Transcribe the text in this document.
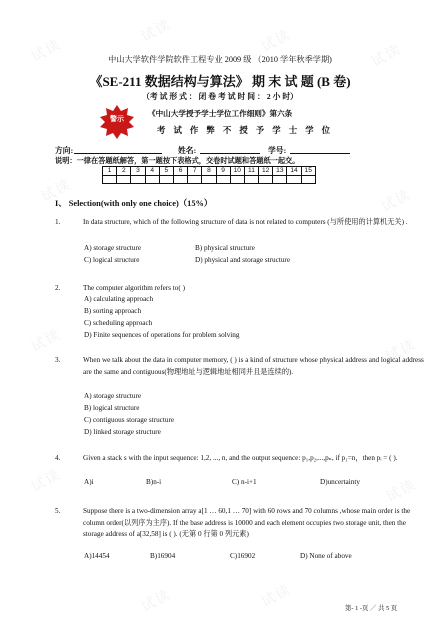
试读
试读	试读
试读
试读	试读
试读	试读
试读	试读
试读	试读
中山大学软件学院软件工程专业 2009 级 （2010 学年秋季学期)
《SE-211 数据结构与算法》 期 末 试 题 (B 卷)
（考 试 形 式 ： 闭 卷 考 试 时 间 ： 2 小 时）
警示
《中山大学授予学士学位工作细则》第六条
考 试 作 弊 不 授 予 学 士 学 位
方向:	姓名:	学号:
说明：一律在答题纸解答，第一题按下表格式，交卷时试题和答题纸一起交。
1	2	3	4	5	6	7	8	9	10	11	12	13	14	15

I、 Selection(with only one choice)（15%）
1.	In data structure, which of the following structure of data is not related to computers (与所使用的计算机无关) .
A) storage structure	B) physical structure
C) logical structure	D) physical and storage structure
2.	The computer algorithm refers to( )
A) calculating approach
B) sorting approach
C) scheduling approach
D) Finite sequences of operations for problem solving
3.	When we talk about the data in computer memory, ( ) is a kind of structure whose physical address and logical address are the same and contiguous(物理地址与逻辑地址相同并且是连续的).
A) storage structure
B) logical structure
C) contiguous storage structure
D) linked storage structure
4.	Given a stack s with the input sequence: 1,2, ..., n, and the output sequence: p₁,p₂,...,pₙ, if p₁=n，then pᵢ = ( ).
A)i	B)n-i	C) n-i+1	D)uncertainty
5.	Suppose there is a two-dimension array a[1 … 60,1 … 70] with 60 rows and 70 columns ,whose main order is the column order(以列序为主序). If the base address is 10000 and each element occupies two storage unit, then the storage address of a[32,58] is ( ). (无第 0 行第 0 列元素)
A)14454	B)16904	C)16902	D) None of above
第- 1 -页 ／ 共 5 页
